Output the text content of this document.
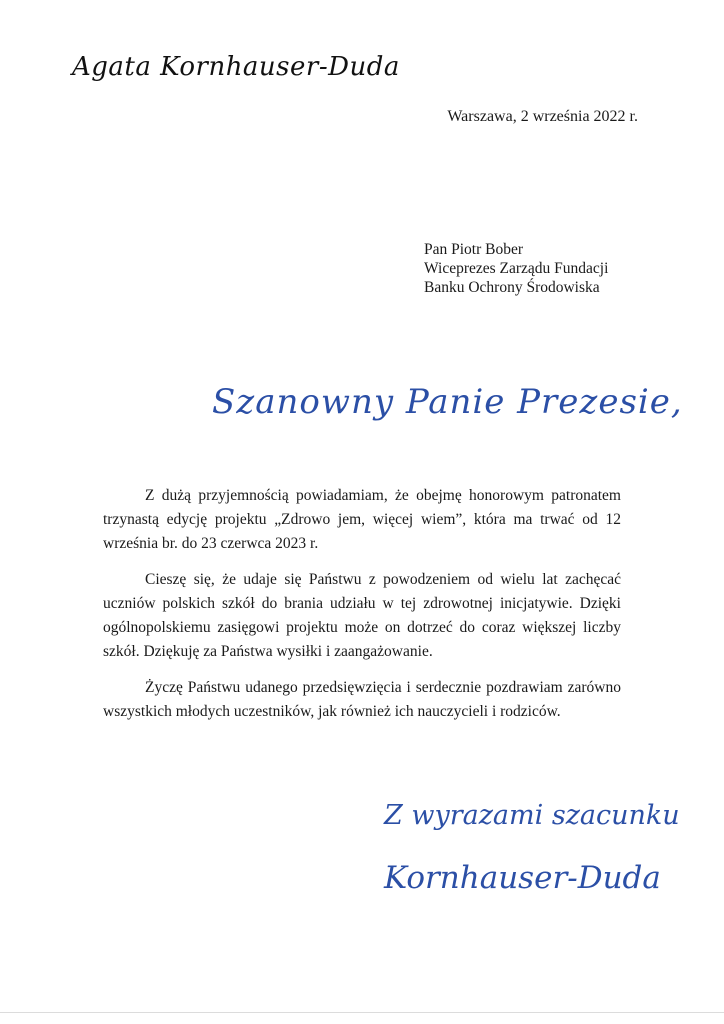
Agata Kornhauser-Duda
Warszawa, 2 września 2022 r.
Pan Piotr Bober
Wiceprezes Zarządu Fundacji
Banku Ochrony Środowiska
Szanowny Panie Prezesie,

Z dużą przyjemnością powiadamiam, że obejmę honorowym patronatem trzynastą edycję projektu „Zdrowo jem, więcej wiem”, która ma trwać od 12 września br. do 23 czerwca 2023 r.

Cieszę się, że udaje się Państwu z powodzeniem od wielu lat zachęcać uczniów polskich szkół do brania udziału w tej zdrowotnej inicjatywie. Dzięki ogólnopolskiemu zasięgowi projektu może on dotrzeć do coraz większej liczby szkół. Dziękuję za Państwa wysiłki i zaangażowanie.

Życzę Państwu udanego przedsięwzięcia i serdecznie pozdrawiam zarówno wszystkich młodych uczestników, jak również ich nauczycieli i rodziców.

Z wyrazami szacunku
Kornhauser-Duda
